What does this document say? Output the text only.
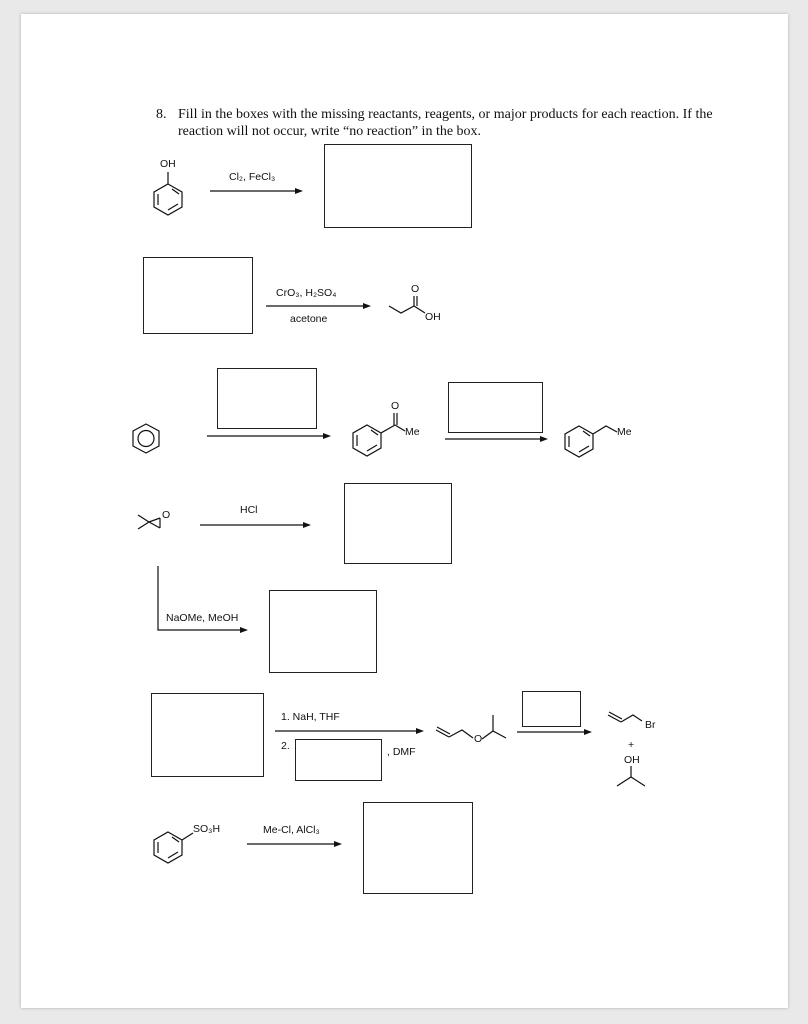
8. Fill in the boxes with the missing reactants, reagents, or major products for each reaction. If the reaction will not occur, write “no reaction” in the box.
OH
Cl₂, FeCl₃
CrO₃, H₂SO₄
acetone
O
OH
O
Me	Me
O	HCl
NaOMe, MeOH
1. NaH, THF
2.	, DMF
O
Br
+
OH
SO₃H	Me-Cl, AlCl₃
